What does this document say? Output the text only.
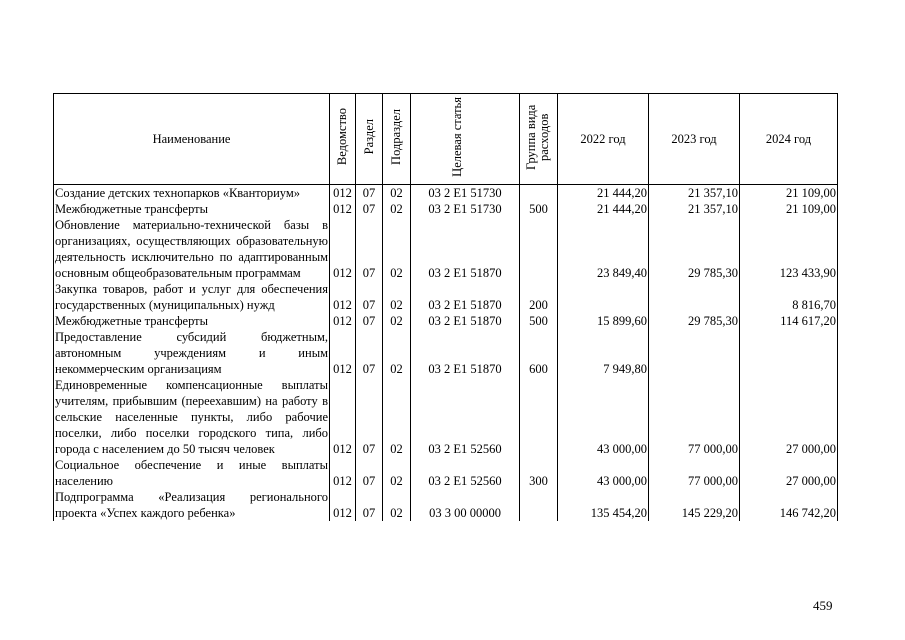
Наименование	Ведомство	Раздел	Подраздел	Целевая статья	Группа вида расходов	2022 год	2023 год	2024 год
Создание детских технопарков «Кванториум»	012	07	02	03 2 Е1 51730		21 444,20	21 357,10	21 109,00
Межбюджетные трансферты	012	07	02	03 2 Е1 51730	500	21 444,20	21 357,10	21 109,00
Обновление материально-технической базы в организациях, осуществляющих образовательную деятельность исключительно по адаптированным основным общеобразовательным программам	012	07	02	03 2 Е1 51870		23 849,40	29 785,30	123 433,90
Закупка товаров, работ и услуг для обеспечения государственных (муниципальных) нужд	012	07	02	03 2 Е1 51870	200			8 816,70
Межбюджетные трансферты	012	07	02	03 2 Е1 51870	500	15 899,60	29 785,30	114 617,20
Предоставление субсидий бюджетным, автономным учреждениям и иным некоммерческим организациям	012	07	02	03 2 Е1 51870	600	7 949,80		
Единовременные компенсационные выплаты учителям, прибывшим (переехавшим) на работу в сельские населенные пункты, либо рабочие поселки, либо поселки городского типа, либо города с населением до 50 тысяч человек	012	07	02	03 2 Е1 52560		43 000,00	77 000,00	27 000,00
Социальное обеспечение и иные выплаты населению	012	07	02	03 2 Е1 52560	300	43 000,00	77 000,00	27 000,00
Подпрограмма «Реализация регионального проекта «Успех каждого ребенка»	012	07	02	03 3 00 00000		135 454,20	145 229,20	146 742,20
459
